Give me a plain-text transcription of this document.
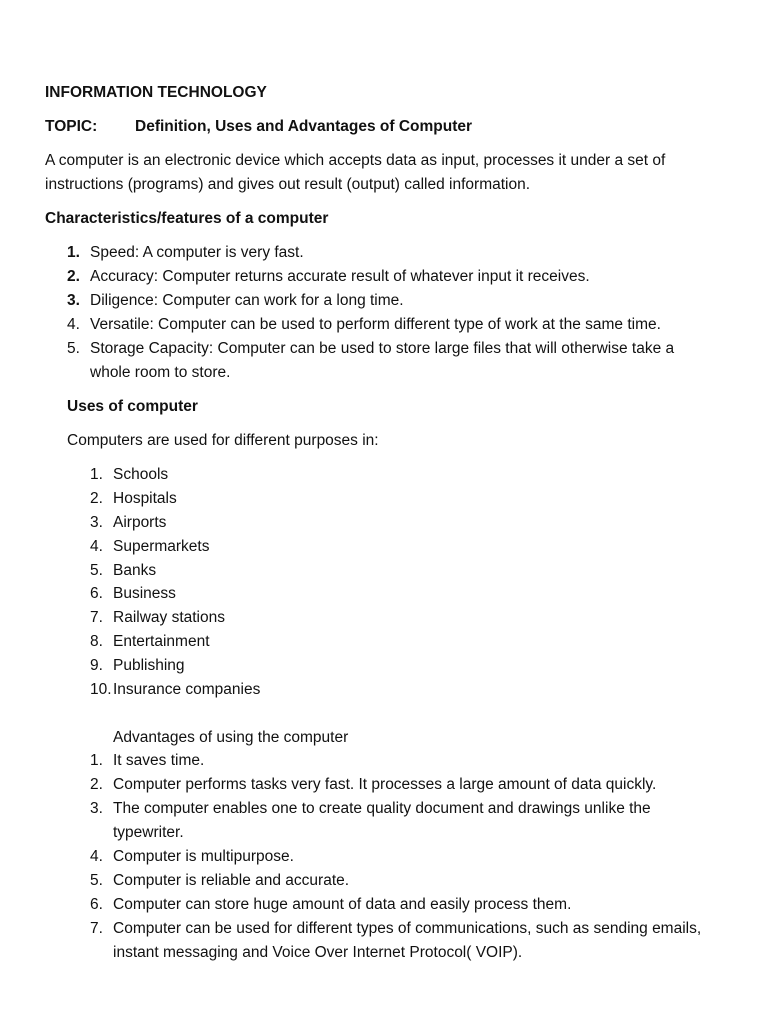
INFORMATION TECHNOLOGY
TOPIC: Definition, Uses and Advantages of Computer
A computer is an electronic device which accepts data as input, processes it under a set of
instructions (programs) and gives out result (output) called information.
Characteristics/features of a computer
1. Speed: A computer is very fast.
2. Accuracy: Computer returns accurate result of whatever input it receives.
3. Diligence: Computer can work for a long time.
4. Versatile: Computer can be used to perform different type of work at the same time.
5. Storage Capacity: Computer can be used to store large files that will otherwise take a
whole room to store.
Uses of computer
Computers are used for different purposes in:
1. Schools
2. Hospitals
3. Airports
4. Supermarkets
5. Banks
6. Business
7. Railway stations
8. Entertainment
9. Publishing
10. Insurance companies
Advantages of using the computer
1. It saves time.
2. Computer performs tasks very fast. It processes a large amount of data quickly.
3. The computer enables one to create quality document and drawings unlike the
typewriter.
4. Computer is multipurpose.
5. Computer is reliable and accurate.
6. Computer can store huge amount of data and easily process them.
7. Computer can be used for different types of communications, such as sending emails,
instant messaging and Voice Over Internet Protocol( VOIP).
